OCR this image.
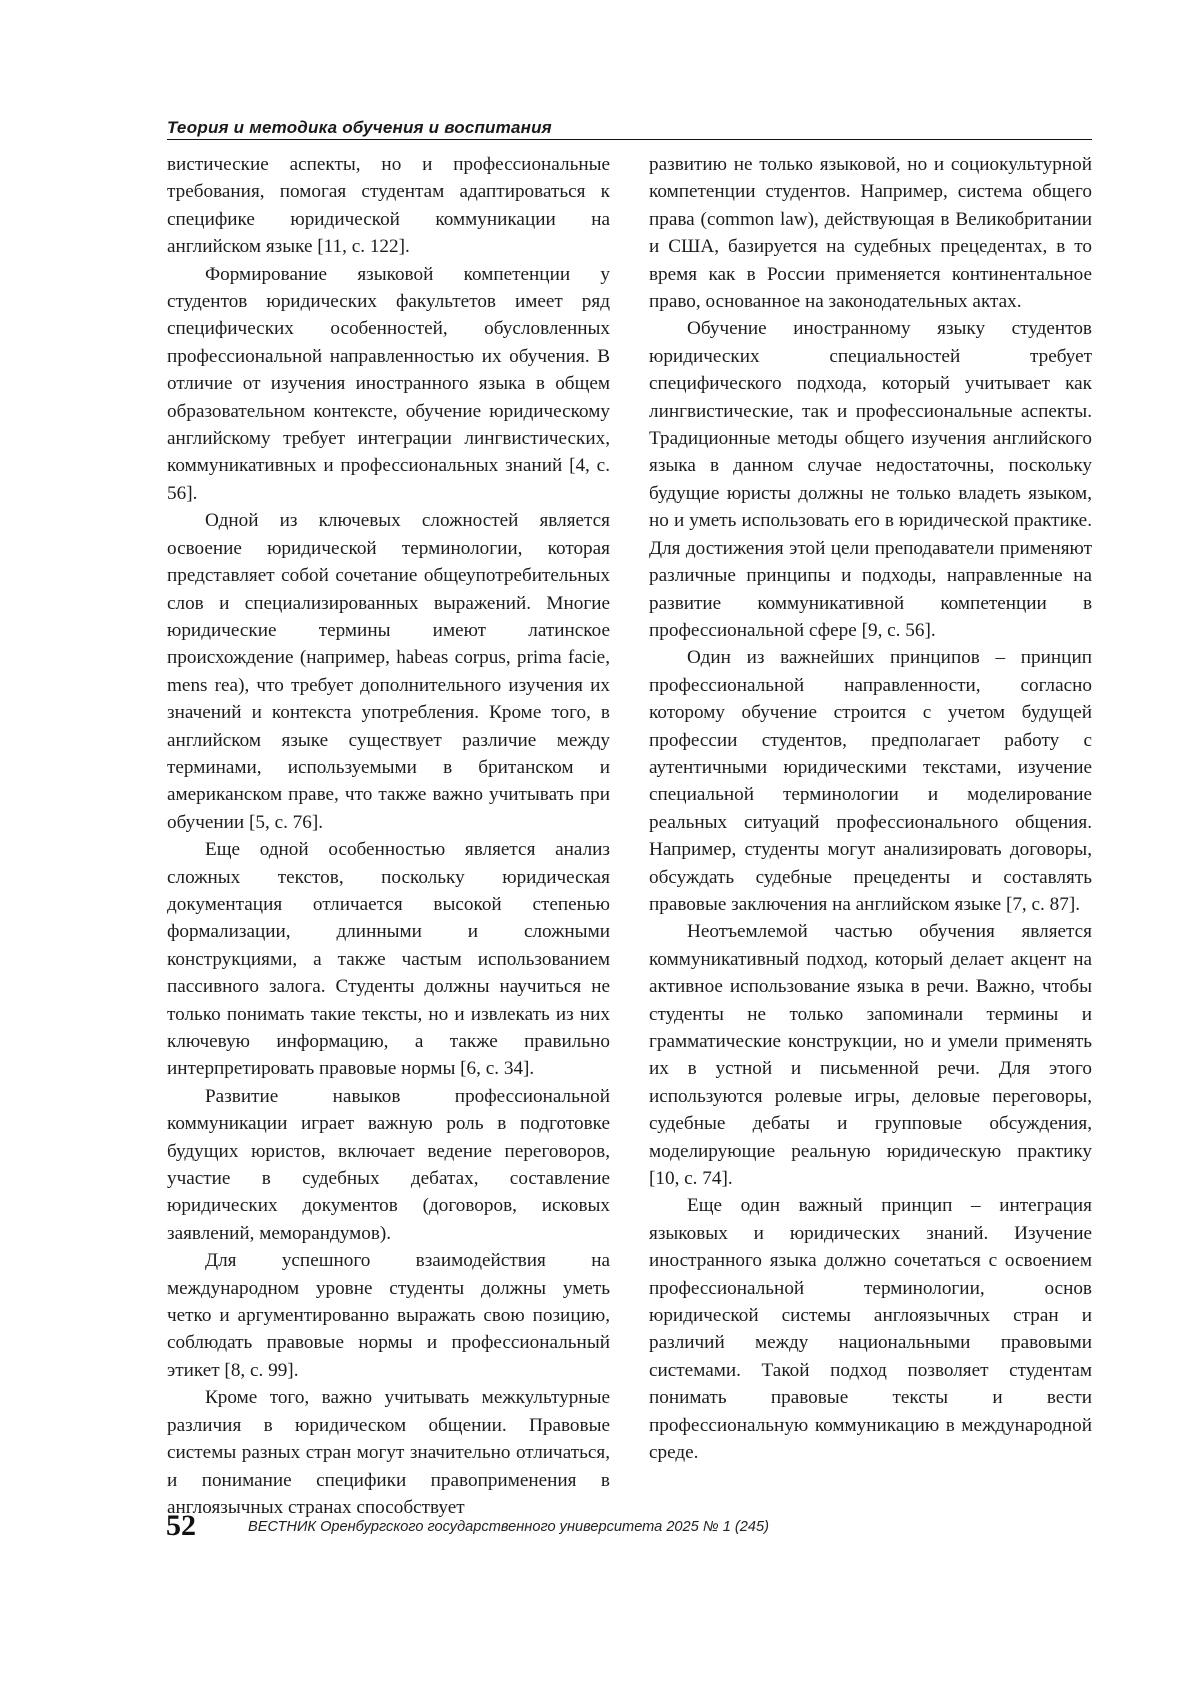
Теория и методика обучения и воспитания

вистические аспекты, но и профессиональные требования, помогая студентам адаптироваться к специфике юридической коммуникации на английском языке [11, с. 122].

Формирование языковой компетенции у студентов юридических факультетов имеет ряд специфических особенностей, обусловленных профессиональной направленностью их обучения. В отличие от изучения иностранного языка в общем образовательном контексте, обучение юридическому английскому требует интеграции лингвистических, коммуникативных и профессиональных знаний [4, с. 56].

Одной из ключевых сложностей является освоение юридической терминологии, которая представляет собой сочетание общеупотребительных слов и специализированных выражений. Многие юридические термины имеют латинское происхождение (например, habeas corpus, prima facie, mens rea), что требует дополнительного изучения их значений и контекста употребления. Кроме того, в английском языке существует различие между терминами, используемыми в британском и американском праве, что также важно учитывать при обучении [5, с. 76].

Еще одной особенностью является анализ сложных текстов, поскольку юридическая документация отличается высокой степенью формализации, длинными и сложными конструкциями, а также частым использованием пассивного залога. Студенты должны научиться не только понимать такие тексты, но и извлекать из них ключевую информацию, а также правильно интерпретировать правовые нормы [6, с. 34].

Развитие навыков профессиональной коммуникации играет важную роль в подготовке будущих юристов, включает ведение переговоров, участие в судебных дебатах, составление юридических документов (договоров, исковых заявлений, меморандумов).

Для успешного взаимодействия на международном уровне студенты должны уметь четко и аргументированно выражать свою позицию, соблюдать правовые нормы и профессиональный этикет [8, с. 99].

Кроме того, важно учитывать межкультурные различия в юридическом общении. Правовые системы разных стран могут значительно отличаться, и понимание специфики правоприменения в англоязычных странах способствует

развитию не только языковой, но и социокультурной компетенции студентов. Например, система общего права (common law), действующая в Великобритании и США, базируется на судебных прецедентах, в то время как в России применяется континентальное право, основанное на законодательных актах.

Обучение иностранному языку студентов юридических специальностей требует специфического подхода, который учитывает как лингвистические, так и профессиональные аспекты. Традиционные методы общего изучения английского языка в данном случае недостаточны, поскольку будущие юристы должны не только владеть языком, но и уметь использовать его в юридической практике. Для достижения этой цели преподаватели применяют различные принципы и подходы, направленные на развитие коммуникативной компетенции в профессиональной сфере [9, с. 56].

Один из важнейших принципов – принцип профессиональной направленности, согласно которому обучение строится с учетом будущей профессии студентов, предполагает работу с аутентичными юридическими текстами, изучение специальной терминологии и моделирование реальных ситуаций профессионального общения. Например, студенты могут анализировать договоры, обсуждать судебные прецеденты и составлять правовые заключения на английском языке [7, с. 87].

Неотъемлемой частью обучения является коммуникативный подход, который делает акцент на активное использование языка в речи. Важно, чтобы студенты не только запоминали термины и грамматические конструкции, но и умели применять их в устной и письменной речи. Для этого используются ролевые игры, деловые переговоры, судебные дебаты и групповые обсуждения, моделирующие реальную юридическую практику [10, с. 74].

Еще один важный принцип – интеграция языковых и юридических знаний. Изучение иностранного языка должно сочетаться с освоением профессиональной терминологии, основ юридической системы англоязычных стран и различий между национальными правовыми системами. Такой подход позволяет студентам понимать правовые тексты и вести профессиональную коммуникацию в международной среде.

52	ВЕСТНИК Оренбургского государственного университета 2025 № 1 (245)
